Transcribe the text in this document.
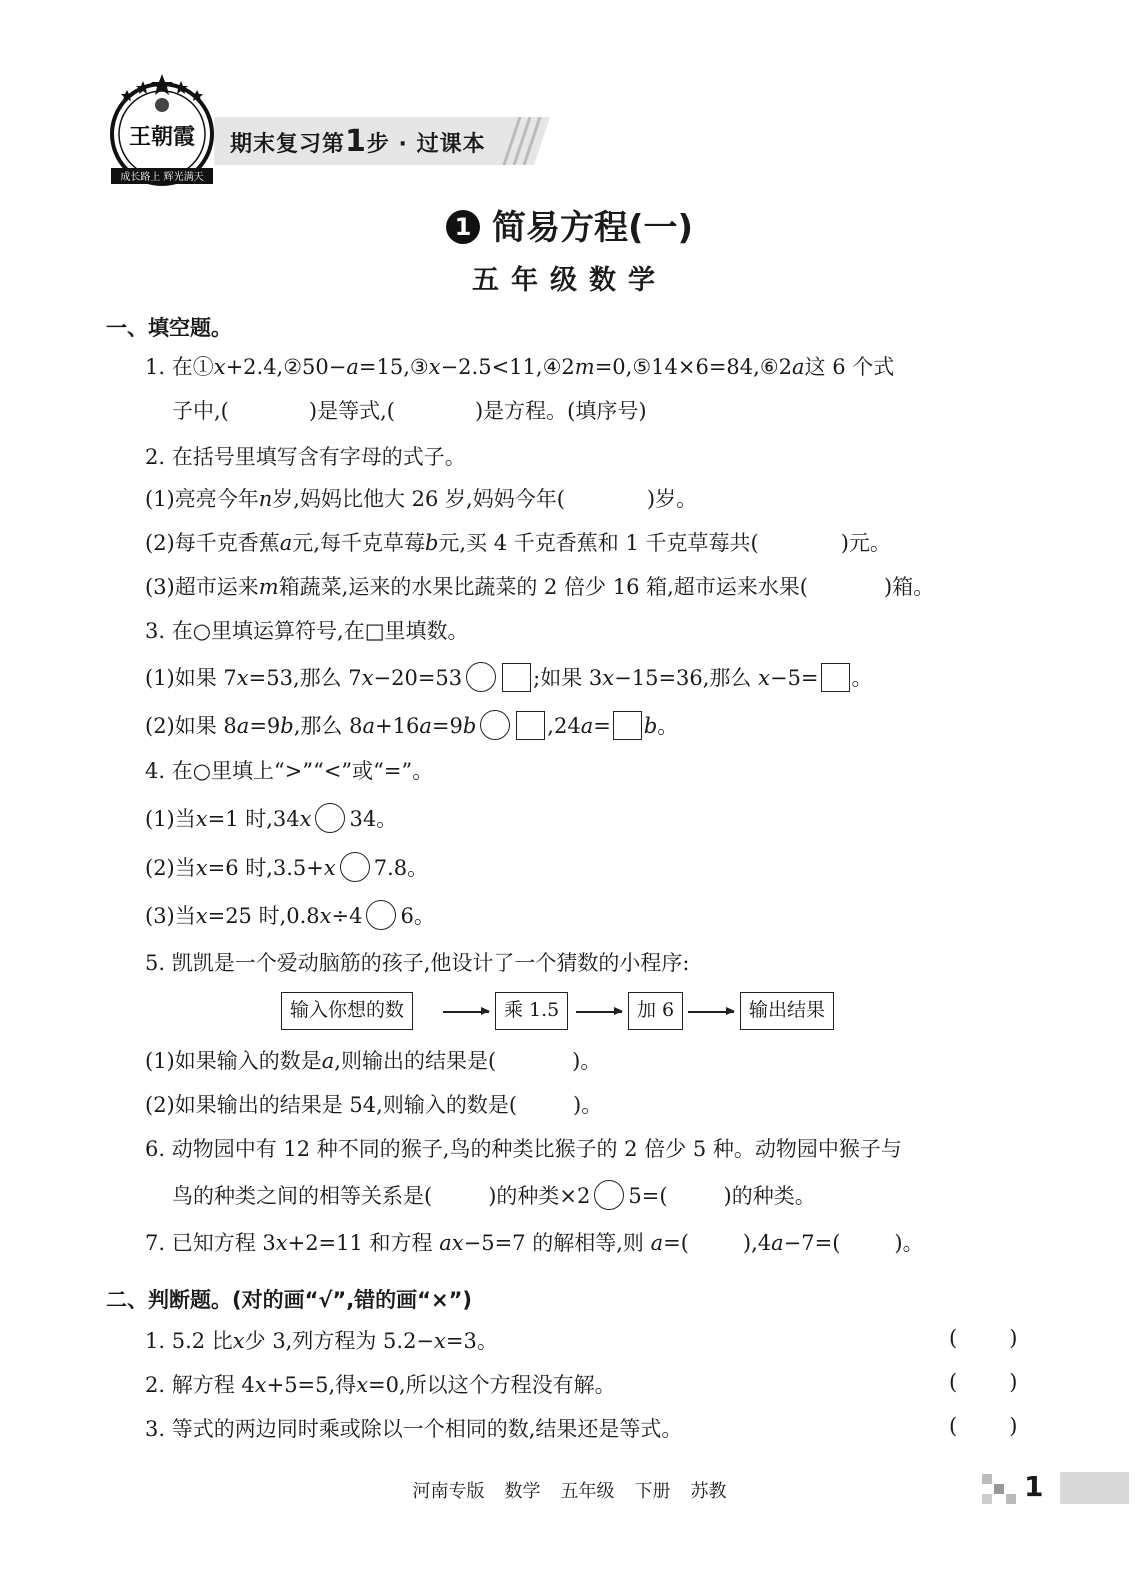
王朝霞
成长路上 辉光满天
期末复习第1步 · 过课本
1 简易方程(一)
五年级数学
一、填空题。
1. 在①x+2.4,②50−a=15,③x−2.5<11,④2m=0,⑤14×6=84,⑥2a这 6 个式
子中,(	)是等式,(	)是方程。(填序号)
2. 在括号里填写含有字母的式子。
(1)亮亮今年n岁,妈妈比他大 26 岁,妈妈今年(	)岁。
(2)每千克香蕉a元,每千克草莓b元,买 4 千克香蕉和 1 千克草莓共(	)元。
(3)超市运来m箱蔬菜,运来的水果比蔬菜的 2 倍少 16 箱,超市运来水果(	)箱。
3. 在○里填运算符号,在□里填数。
(1)如果 7x=53,那么 7x−20=53	;如果 3x−15=36,那么 x−5= 。
(2)如果 8a=9b,那么 8a+16a=9b	,24a= b。
4. 在○里填上“>”“<”或“=”。
(1)当x=1 时,34x 34。
(2)当x=6 时,3.5+x 7.8。
(3)当x=25 时,0.8x÷4 6。
5. 凯凯是一个爱动脑筋的孩子,他设计了一个猜数的小程序:
输入你想的数	乘 1.5	加 6	输出结果
(1)如果输入的数是a,则输出的结果是(	)。
(2)如果输出的结果是 54,则输入的数是(	)。
6. 动物园中有 12 种不同的猴子,鸟的种类比猴子的 2 倍少 5 种。动物园中猴子与
鸟的种类之间的相等关系是(	)的种类×2 5=(	)的种类。
7. 已知方程 3x+2=11 和方程 ax−5=7 的解相等,则 a=(	),4a−7=(	)。
二、判断题。(对的画“√”,错的画“×”)
1. 5.2 比x少 3,列方程为 5.2−x=3。	( )
2. 解方程 4x+5=5,得x=0,所以这个方程没有解。	( )
3. 等式的两边同时乘或除以一个相同的数,结果还是等式。	( )
河南专版 数学 五年级 下册 苏教	1
